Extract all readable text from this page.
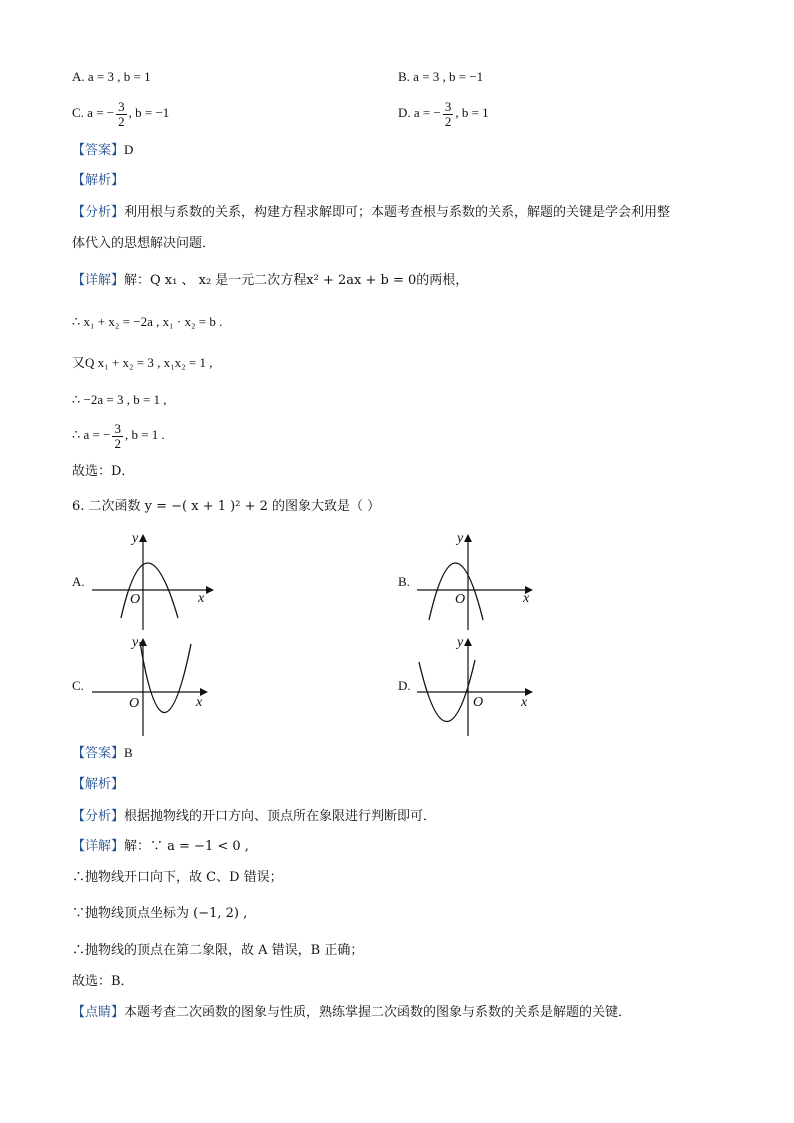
A. a = 3 , b = 1	B. a = 3 , b = −1
C. a = − $\frac{3}{2}$ , b = −1	D. a = − $\frac{3}{2}$ , b = 1
【答案】D
【解析】
【分析】利用根与系数的关系，构建方程求解即可；本题考查根与系数的关系，解题的关键是学会利用整
体代入的思想解决问题．
【详解】解：Q x₁ 、 x₂ 是一元二次方程x² + 2ax + b = 0的两根，
∴ x₁ + x₂ = −2a , x₁ · x₂ = b .
又Q x₁ + x₂ = 3 , x₁x₂ = 1 ,
∴ −2a = 3 , b = 1 ,
∴ a = − $\frac{3}{2}$ , b = 1 .
故选：D．
6. 二次函数 y = −( x + 1 )² + 2 的图象大致是（ ）
A.
y
x
O
B.
y
x
O
C.
y
x
O
D.
y
x
O
【答案】B
【解析】
【分析】根据抛物线的开口方向、顶点所在象限进行判断即可．
【详解】解：∵ a = −1 < 0 ,
∴抛物线开口向下，故 C、D 错误；
∵抛物线顶点坐标为 (−1, 2) ,
∴抛物线的顶点在第二象限，故 A 错误，B 正确；
故选：B．
【点睛】本题考查二次函数的图象与性质，熟练掌握二次函数的图象与系数的关系是解题的关键．
